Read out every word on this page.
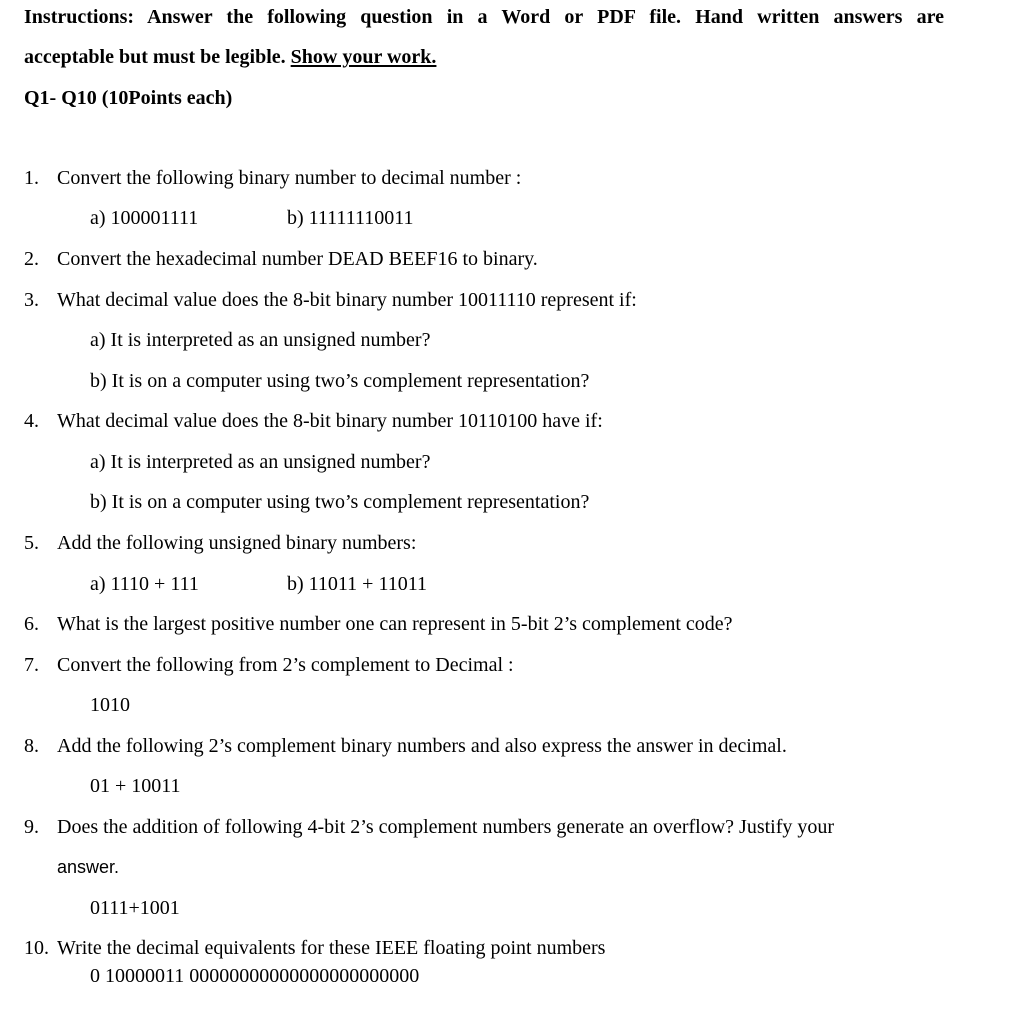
Instructions: Answer the following question in a Word or PDF file. Hand written answers are
acceptable but must be legible. Show your work.
Q1- Q10 (10Points each)
1. Convert the following binary number to decimal number :
a) 100001111	b) 11111110011
2. Convert the hexadecimal number DEAD BEEF16 to binary.
3. What decimal value does the 8-bit binary number 10011110 represent if:
a) It is interpreted as an unsigned number?
b) It is on a computer using two’s complement representation?
4. What decimal value does the 8-bit binary number 10110100 have if:
a) It is interpreted as an unsigned number?
b) It is on a computer using two’s complement representation?
5. Add the following unsigned binary numbers:
a) 1110 + 111	b) 11011 + 11011
6. What is the largest positive number one can represent in 5-bit 2’s complement code?
7. Convert the following from 2’s complement to Decimal :
1010
8. Add the following 2’s complement binary numbers and also express the answer in decimal.
01 + 10011
9. Does the addition of following 4-bit 2’s complement numbers generate an overflow? Justify your
answer.
0111+1001
10. Write the decimal equivalents for these IEEE floating point numbers
0 10000011 00000000000000000000000
